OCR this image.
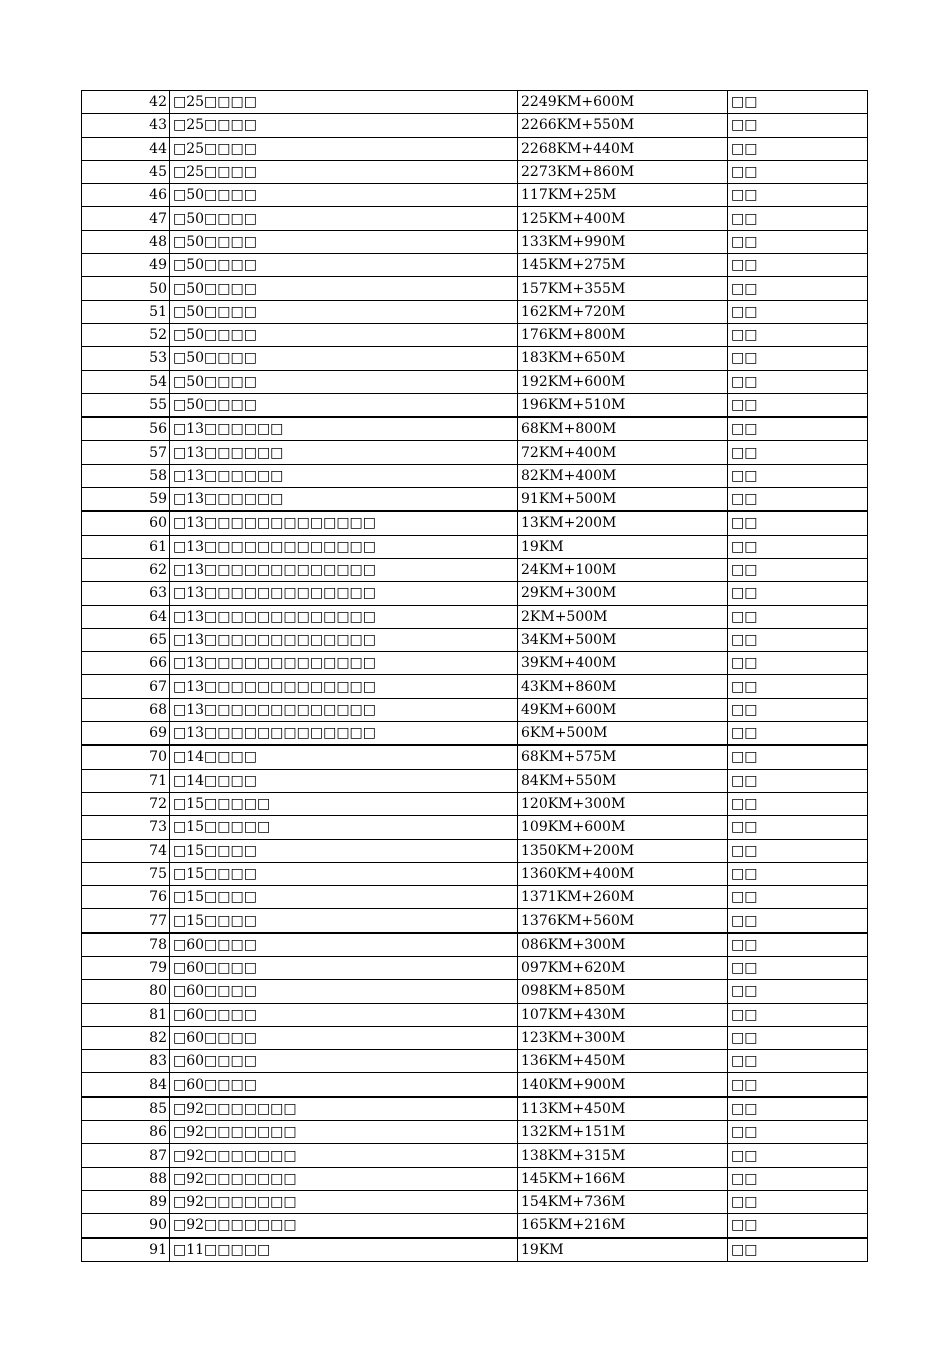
42	□25□□□□	2249KM+600M	□□
43	□25□□□□	2266KM+550M	□□
44	□25□□□□	2268KM+440M	□□
45	□25□□□□	2273KM+860M	□□
46	□50□□□□	117KM+25M	□□
47	□50□□□□	125KM+400M	□□
48	□50□□□□	133KM+990M	□□
49	□50□□□□	145KM+275M	□□
50	□50□□□□	157KM+355M	□□
51	□50□□□□	162KM+720M	□□
52	□50□□□□	176KM+800M	□□
53	□50□□□□	183KM+650M	□□
54	□50□□□□	192KM+600M	□□
55	□50□□□□	196KM+510M	□□
56	□13□□□□□□	68KM+800M	□□
57	□13□□□□□□	72KM+400M	□□
58	□13□□□□□□	82KM+400M	□□
59	□13□□□□□□	91KM+500M	□□
60	□13□□□□□□□□□□□□□	13KM+200M	□□
61	□13□□□□□□□□□□□□□	19KM	□□
62	□13□□□□□□□□□□□□□	24KM+100M	□□
63	□13□□□□□□□□□□□□□	29KM+300M	□□
64	□13□□□□□□□□□□□□□	2KM+500M	□□
65	□13□□□□□□□□□□□□□	34KM+500M	□□
66	□13□□□□□□□□□□□□□	39KM+400M	□□
67	□13□□□□□□□□□□□□□	43KM+860M	□□
68	□13□□□□□□□□□□□□□	49KM+600M	□□
69	□13□□□□□□□□□□□□□	6KM+500M	□□
70	□14□□□□	68KM+575M	□□
71	□14□□□□	84KM+550M	□□
72	□15□□□□□	120KM+300M	□□
73	□15□□□□□	109KM+600M	□□
74	□15□□□□	1350KM+200M	□□
75	□15□□□□	1360KM+400M	□□
76	□15□□□□	1371KM+260M	□□
77	□15□□□□	1376KM+560M	□□
78	□60□□□□	086KM+300M	□□
79	□60□□□□	097KM+620M	□□
80	□60□□□□	098KM+850M	□□
81	□60□□□□	107KM+430M	□□
82	□60□□□□	123KM+300M	□□
83	□60□□□□	136KM+450M	□□
84	□60□□□□	140KM+900M	□□
85	□92□□□□□□□	113KM+450M	□□
86	□92□□□□□□□	132KM+151M	□□
87	□92□□□□□□□	138KM+315M	□□
88	□92□□□□□□□	145KM+166M	□□
89	□92□□□□□□□	154KM+736M	□□
90	□92□□□□□□□	165KM+216M	□□
91	□11□□□□□	19KM	□□
